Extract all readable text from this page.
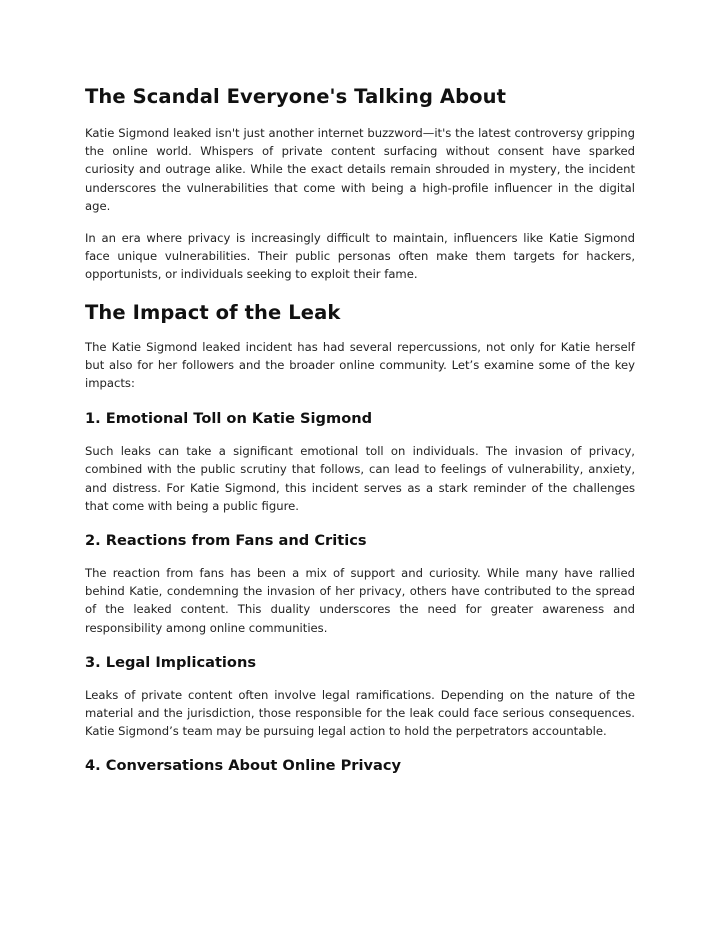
The Scandal Everyone's Talking About

Katie Sigmond leaked isn't just another internet buzzword—it's the latest controversy gripping the online world. Whispers of private content surfacing without consent have sparked curiosity and outrage alike. While the exact details remain shrouded in mystery, the incident underscores the vulnerabilities that come with being a high-profile influencer in the digital age.

In an era where privacy is increasingly difficult to maintain, influencers like Katie Sigmond face unique vulnerabilities. Their public personas often make them targets for hackers, opportunists, or individuals seeking to exploit their fame.

The Impact of the Leak

The Katie Sigmond leaked incident has had several repercussions, not only for Katie herself but also for her followers and the broader online community. Let’s examine some of the key impacts:

1. Emotional Toll on Katie Sigmond

Such leaks can take a significant emotional toll on individuals. The invasion of privacy, combined with the public scrutiny that follows, can lead to feelings of vulnerability, anxiety, and distress. For Katie Sigmond, this incident serves as a stark reminder of the challenges that come with being a public figure.

2. Reactions from Fans and Critics

The reaction from fans has been a mix of support and curiosity. While many have rallied behind Katie, condemning the invasion of her privacy, others have contributed to the spread of the leaked content. This duality underscores the need for greater awareness and responsibility among online communities.

3. Legal Implications

Leaks of private content often involve legal ramifications. Depending on the nature of the material and the jurisdiction, those responsible for the leak could face serious consequences. Katie Sigmond’s team may be pursuing legal action to hold the perpetrators accountable.

4. Conversations About Online Privacy
